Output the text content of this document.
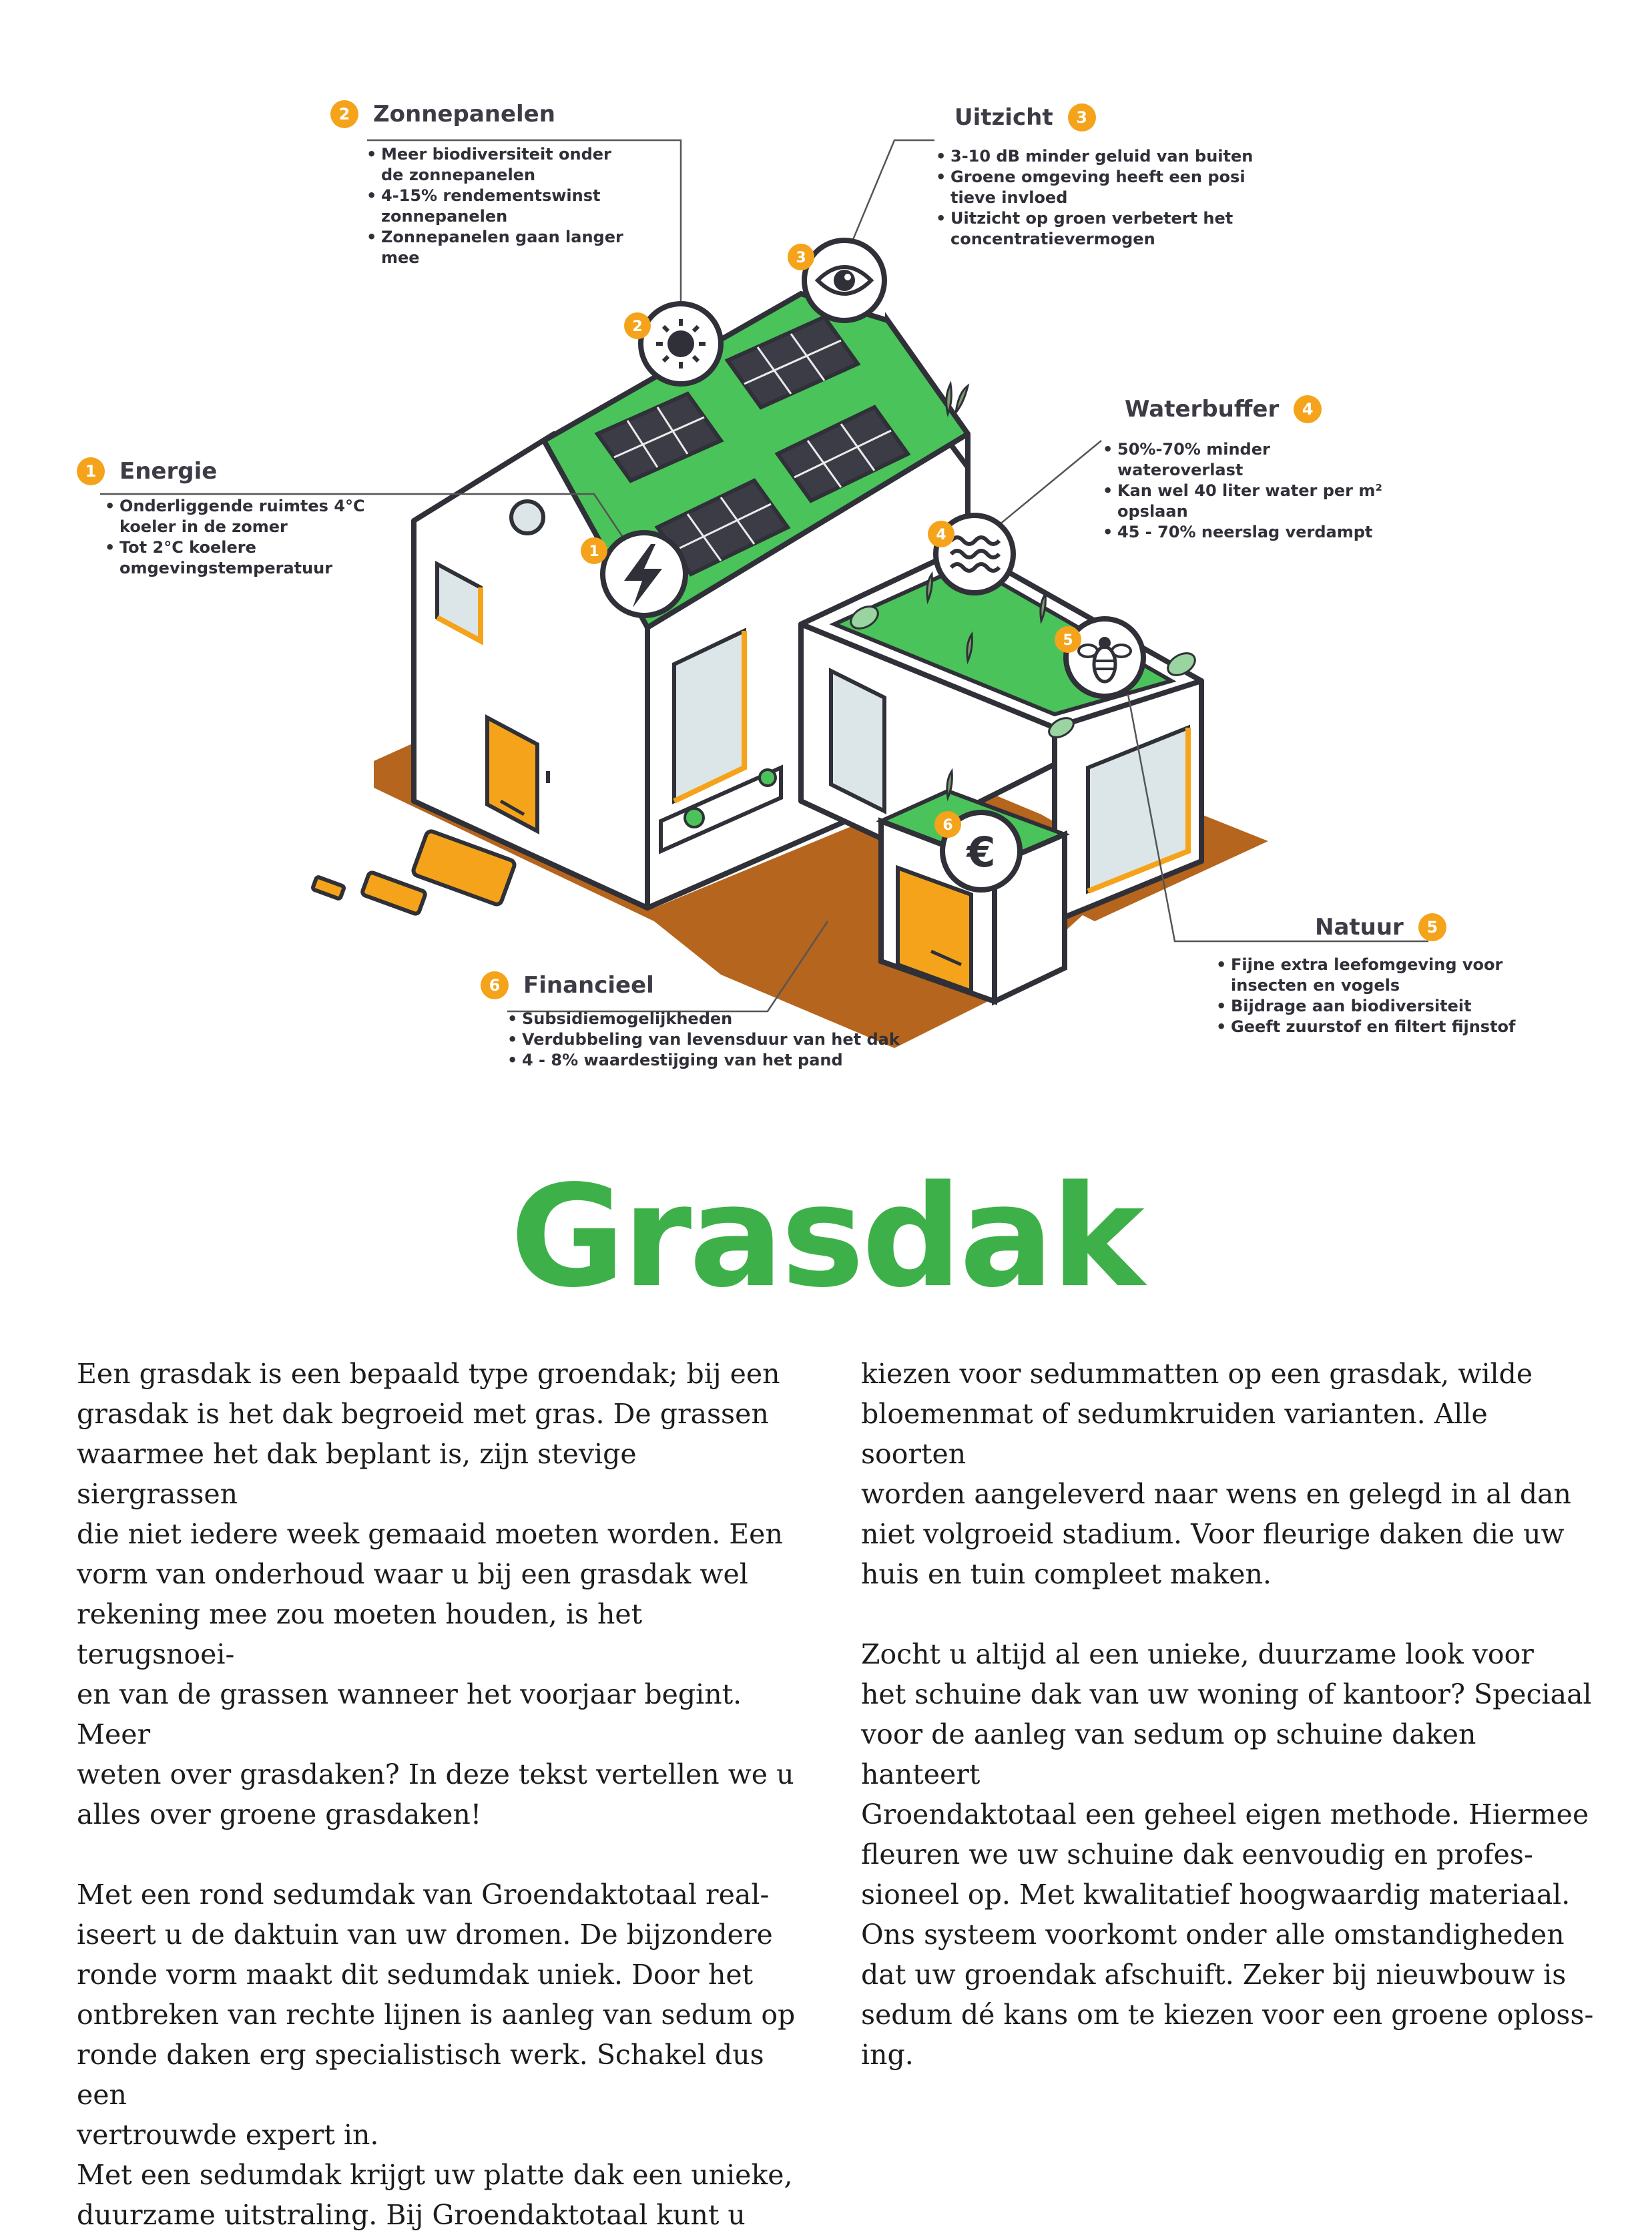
€
1
2
3
4
5
6
1	Energie
• Onderliggende ruimtes 4°C
koeler in de zomer
• Tot 2°C koelere
omgevingstemperatuur
2	Zonnepanelen
• Meer biodiversiteit onder
de zonnepanelen
• 4-15% rendementswinst
zonnepanelen
• Zonnepanelen gaan langer
mee
Uitzicht	3
• 3-10 dB minder geluid van buiten
• Groene omgeving heeft een posi
tieve invloed
• Uitzicht op groen verbetert het
concentratievermogen
Waterbuffer	4
• 50%-70% minder
wateroverlast
• Kan wel 40 liter water per m²
opslaan
• 45 - 70% neerslag verdampt
Natuur	5
• Fijne extra leefomgeving voor
insecten en vogels
• Bijdrage aan biodiversiteit
• Geeft zuurstof en filtert fijnstof
6	Financieel
• Subsidiemogelijkheden
• Verdubbeling van levensduur van het dak
• 4 - 8% waardestijging van het pand
Grasdak

Een grasdak is een bepaald type groendak; bij een
grasdak is het dak begroeid met gras. De grassen
waarmee het dak beplant is, zijn stevige siergrassen
die niet iedere week gemaaid moeten worden. Een
vorm van onderhoud waar u bij een grasdak wel
rekening mee zou moeten houden, is het terugsnoei-
en van de grassen wanneer het voorjaar begint. Meer
weten over grasdaken? In deze tekst vertellen we u
alles over groene grasdaken!

Met een rond sedumdak van Groendaktotaal real-
iseert u de daktuin van uw dromen. De bijzondere
ronde vorm maakt dit sedumdak uniek. Door het
ontbreken van rechte lijnen is aanleg van sedum op
ronde daken erg specialistisch werk. Schakel dus een
vertrouwde expert in.

Met een sedumdak krijgt uw platte dak een unieke,
duurzame uitstraling. Bij Groendaktotaal kunt u

kiezen voor sedummatten op een grasdak, wilde
bloemenmat of sedumkruiden varianten. Alle soorten
worden aangeleverd naar wens en gelegd in al dan
niet volgroeid stadium. Voor fleurige daken die uw
huis en tuin compleet maken.

Zocht u altijd al een unieke, duurzame look voor
het schuine dak van uw woning of kantoor? Speciaal
voor de aanleg van sedum op schuine daken hanteert
Groendaktotaal een geheel eigen methode. Hiermee
fleuren we uw schuine dak eenvoudig en profes-
sioneel op. Met kwalitatief hoogwaardig materiaal.
Ons systeem voorkomt onder alle omstandigheden
dat uw groendak afschuift. Zeker bij nieuwbouw is
sedum dé kans om te kiezen voor een groene oploss-
ing.
